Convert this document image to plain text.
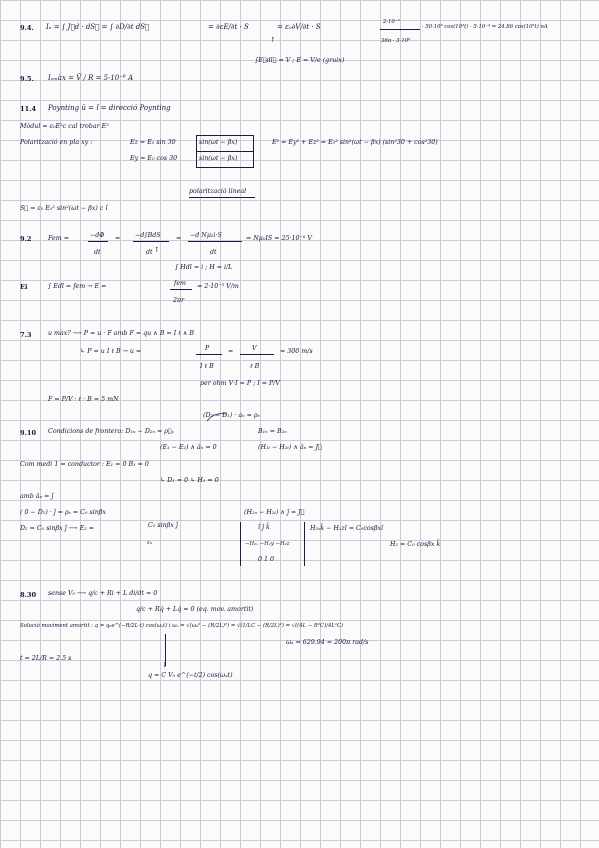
9.4. Iₑ = ∫ J⃗d · dS⃗ = ∫ ∂D/∂t dS⃗	= ∂εE/∂t · S	= ε₀∂V/∂t · S
2·10⁻³
36π · 3·10⁹
· 50·10³ cos(10³t) · 5·10⁻⁴ = 24.86 cos(10³t) nA
↑
∫E⃗dl⃗ = V ; E = V/e (gruix)
9.5. Iₑₘàx = V̂ / R = 5·10⁻⁶ A
11.4 Poynting û = î = direcció Poynting
Mòdul = ε₀E²c cal trobar E²
Polarització en pla xy :	Ez = E₀ sin 30
Ey = E₀ cos 30
sin(ωt − βx)
sin(ωt − βx)
E² = Ey² + Ez² = E₀² sin²(ωt − βx) (sin²30 + cos²30)
polarització lineal
S⃗ = ε₀ E₀² sin²(ωt − βx) c î
9.2	Fem =	−dΦ
dt
= −d∫BdS
dt
= −d Nμ₀i·S
dt
= Nμ₀IS = 25·10⁻⁶ V
↑
∫ Hdl = i ; H = i/L
Ei	∫ Edl = fem → E =	fem
2πr
= 2·10⁻⁵ V/m
7.3	u màx? ⟶ P = u · F amb F = qu ∧ B = I ℓ ∧ B
↳ P = u I ℓ B → u =	P
I ℓ B
=	V
ℓ B
= 300 m/s
per ohm V·I = P ; I = P/V
F = P/V · ℓ · B = 5 mN
(D₂ − D₁) · aₙ = ρₛ
9.10 Condicions de frontera: D₁ₙ − D₂ₙ = ρ⃗ₛ	B₁ₙ = B₂ₙ
(E₁ − E₂) ∧ âₙ = 0	(H₁ₜ − H₂ₜ) ∧ âₙ = J⃗
Com medi 1 = conductor : E₁ = 0 B₁ = 0
↳ D₁ = 0 ↳ H₁ = 0
amb âₙ = ĵ
( 0 − D₂) · ĵ = ρₛ = C₀ sinβx
D₂ = C₀ sinβx ĵ ⟶ E₂ =	C₀ sinβx ĵ
ε₀
(H₂ₙ − H₂ₜ) ∧ ĵ = J⃗
î ĵ k̂
−H₂ₓ −H₂y −H₂z
0 1 0
H₂ₓk̂ − H₂zî = C₀cosβxî
H₂ = C₀ cosβx k̂
8.30 sense V₀ ⟶ q/c + Ri + L di/dt = 0
q/c + Rq̇ + Lq̈ = 0 (eq. mov. amortit)
Solució moviment amortit : q = q₀e^(−R/2L·t) cos(ωₐt) i ωₐ = √(ω₀² − (R/2L)²) = √(1/LC − (R/2L)²) = √((4L − R²C)/4L²C)
ωₐ = 629.94 ≈ 200π rad/s
t = 2L/R = 2.5 s
↓
q = C V₀ e^(−t/2) cos(ωₐt)
